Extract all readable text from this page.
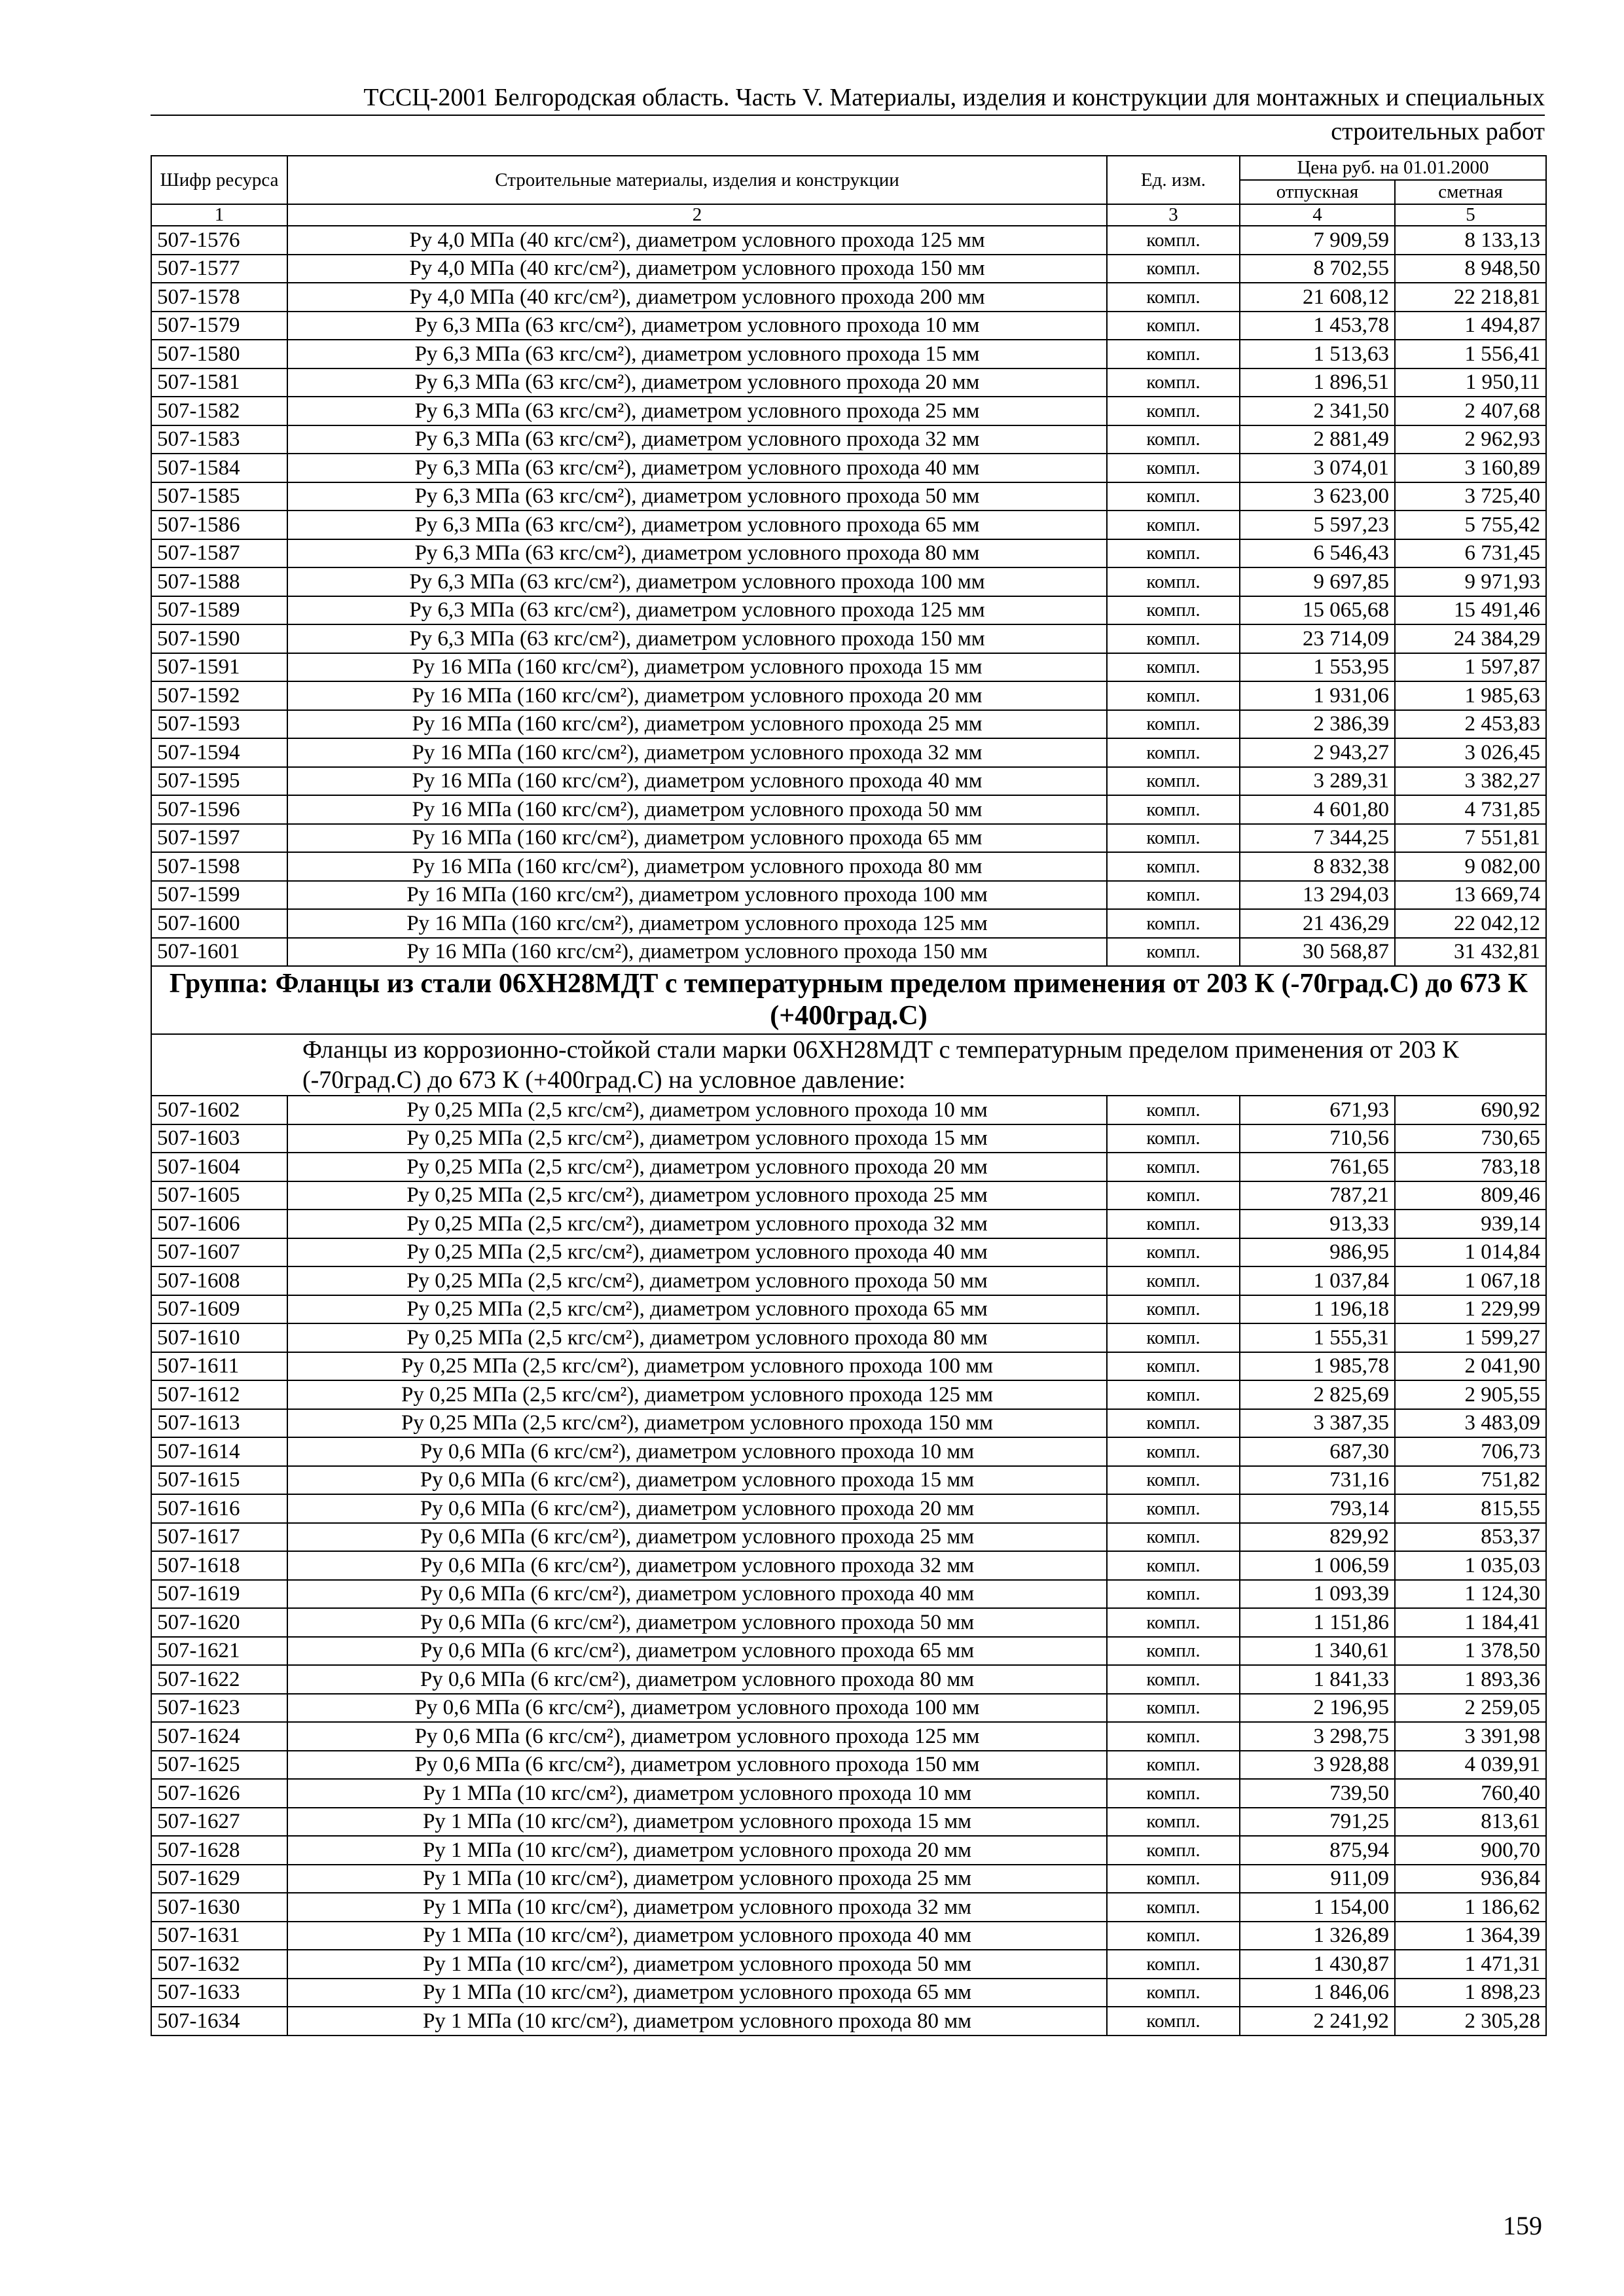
ТССЦ-2001 Белгородская область. Часть V. Материалы, изделия и конструкции для монтажных и специальных
строительных работ
Шифр ресурса	Строительные материалы, изделия и конструкции	Ед. изм.	Цена руб. на 01.01.2000	
			отпускная	сметная
1	2	3	4	5
507-1576	Ру 4,0 МПа (40 кгс/см²), диаметром условного прохода 125 мм	компл.	7 909,59	8 133,13
507-1577	Ру 4,0 МПа (40 кгс/см²), диаметром условного прохода 150 мм	компл.	8 702,55	8 948,50
507-1578	Ру 4,0 МПа (40 кгс/см²), диаметром условного прохода 200 мм	компл.	21 608,12	22 218,81
507-1579	Ру 6,3 МПа (63 кгс/см²), диаметром условного прохода 10 мм	компл.	1 453,78	1 494,87
507-1580	Ру 6,3 МПа (63 кгс/см²), диаметром условного прохода 15 мм	компл.	1 513,63	1 556,41
507-1581	Ру 6,3 МПа (63 кгс/см²), диаметром условного прохода 20 мм	компл.	1 896,51	1 950,11
507-1582	Ру 6,3 МПа (63 кгс/см²), диаметром условного прохода 25 мм	компл.	2 341,50	2 407,68
507-1583	Ру 6,3 МПа (63 кгс/см²), диаметром условного прохода 32 мм	компл.	2 881,49	2 962,93
507-1584	Ру 6,3 МПа (63 кгс/см²), диаметром условного прохода 40 мм	компл.	3 074,01	3 160,89
507-1585	Ру 6,3 МПа (63 кгс/см²), диаметром условного прохода 50 мм	компл.	3 623,00	3 725,40
507-1586	Ру 6,3 МПа (63 кгс/см²), диаметром условного прохода 65 мм	компл.	5 597,23	5 755,42
507-1587	Ру 6,3 МПа (63 кгс/см²), диаметром условного прохода 80 мм	компл.	6 546,43	6 731,45
507-1588	Ру 6,3 МПа (63 кгс/см²), диаметром условного прохода 100 мм	компл.	9 697,85	9 971,93
507-1589	Ру 6,3 МПа (63 кгс/см²), диаметром условного прохода 125 мм	компл.	15 065,68	15 491,46
507-1590	Ру 6,3 МПа (63 кгс/см²), диаметром условного прохода 150 мм	компл.	23 714,09	24 384,29
507-1591	Ру 16 МПа (160 кгс/см²), диаметром условного прохода 15 мм	компл.	1 553,95	1 597,87
507-1592	Ру 16 МПа (160 кгс/см²), диаметром условного прохода 20 мм	компл.	1 931,06	1 985,63
507-1593	Ру 16 МПа (160 кгс/см²), диаметром условного прохода 25 мм	компл.	2 386,39	2 453,83
507-1594	Ру 16 МПа (160 кгс/см²), диаметром условного прохода 32 мм	компл.	2 943,27	3 026,45
507-1595	Ру 16 МПа (160 кгс/см²), диаметром условного прохода 40 мм	компл.	3 289,31	3 382,27
507-1596	Ру 16 МПа (160 кгс/см²), диаметром условного прохода 50 мм	компл.	4 601,80	4 731,85
507-1597	Ру 16 МПа (160 кгс/см²), диаметром условного прохода 65 мм	компл.	7 344,25	7 551,81
507-1598	Ру 16 МПа (160 кгс/см²), диаметром условного прохода 80 мм	компл.	8 832,38	9 082,00
507-1599	Ру 16 МПа (160 кгс/см²), диаметром условного прохода 100 мм	компл.	13 294,03	13 669,74
507-1600	Ру 16 МПа (160 кгс/см²), диаметром условного прохода 125 мм	компл.	21 436,29	22 042,12
507-1601	Ру 16 МПа (160 кгс/см²), диаметром условного прохода 150 мм	компл.	30 568,87	31 432,81
Группа: Фланцы из стали 06ХН28МДТ с температурным пределом применения от 203 К (-70град.С) до 673 К (+400град.С)				
Фланцы из коррозионно-стойкой стали марки 06ХН28МДТ с температурным пределом применения от 203 К (-70град.С) до 673 К (+400град.С) на условное давление:				
507-1602	Ру 0,25 МПа (2,5 кгс/см²), диаметром условного прохода 10 мм	компл.	671,93	690,92
507-1603	Ру 0,25 МПа (2,5 кгс/см²), диаметром условного прохода 15 мм	компл.	710,56	730,65
507-1604	Ру 0,25 МПа (2,5 кгс/см²), диаметром условного прохода 20 мм	компл.	761,65	783,18
507-1605	Ру 0,25 МПа (2,5 кгс/см²), диаметром условного прохода 25 мм	компл.	787,21	809,46
507-1606	Ру 0,25 МПа (2,5 кгс/см²), диаметром условного прохода 32 мм	компл.	913,33	939,14
507-1607	Ру 0,25 МПа (2,5 кгс/см²), диаметром условного прохода 40 мм	компл.	986,95	1 014,84
507-1608	Ру 0,25 МПа (2,5 кгс/см²), диаметром условного прохода 50 мм	компл.	1 037,84	1 067,18
507-1609	Ру 0,25 МПа (2,5 кгс/см²), диаметром условного прохода 65 мм	компл.	1 196,18	1 229,99
507-1610	Ру 0,25 МПа (2,5 кгс/см²), диаметром условного прохода 80 мм	компл.	1 555,31	1 599,27
507-1611	Ру 0,25 МПа (2,5 кгс/см²), диаметром условного прохода 100 мм	компл.	1 985,78	2 041,90
507-1612	Ру 0,25 МПа (2,5 кгс/см²), диаметром условного прохода 125 мм	компл.	2 825,69	2 905,55
507-1613	Ру 0,25 МПа (2,5 кгс/см²), диаметром условного прохода 150 мм	компл.	3 387,35	3 483,09
507-1614	Ру 0,6 МПа (6 кгс/см²), диаметром условного прохода 10 мм	компл.	687,30	706,73
507-1615	Ру 0,6 МПа (6 кгс/см²), диаметром условного прохода 15 мм	компл.	731,16	751,82
507-1616	Ру 0,6 МПа (6 кгс/см²), диаметром условного прохода 20 мм	компл.	793,14	815,55
507-1617	Ру 0,6 МПа (6 кгс/см²), диаметром условного прохода 25 мм	компл.	829,92	853,37
507-1618	Ру 0,6 МПа (6 кгс/см²), диаметром условного прохода 32 мм	компл.	1 006,59	1 035,03
507-1619	Ру 0,6 МПа (6 кгс/см²), диаметром условного прохода 40 мм	компл.	1 093,39	1 124,30
507-1620	Ру 0,6 МПа (6 кгс/см²), диаметром условного прохода 50 мм	компл.	1 151,86	1 184,41
507-1621	Ру 0,6 МПа (6 кгс/см²), диаметром условного прохода 65 мм	компл.	1 340,61	1 378,50
507-1622	Ру 0,6 МПа (6 кгс/см²), диаметром условного прохода 80 мм	компл.	1 841,33	1 893,36
507-1623	Ру 0,6 МПа (6 кгс/см²), диаметром условного прохода 100 мм	компл.	2 196,95	2 259,05
507-1624	Ру 0,6 МПа (6 кгс/см²), диаметром условного прохода 125 мм	компл.	3 298,75	3 391,98
507-1625	Ру 0,6 МПа (6 кгс/см²), диаметром условного прохода 150 мм	компл.	3 928,88	4 039,91
507-1626	Ру 1 МПа (10 кгс/см²), диаметром условного прохода 10 мм	компл.	739,50	760,40
507-1627	Ру 1 МПа (10 кгс/см²), диаметром условного прохода 15 мм	компл.	791,25	813,61
507-1628	Ру 1 МПа (10 кгс/см²), диаметром условного прохода 20 мм	компл.	875,94	900,70
507-1629	Ру 1 МПа (10 кгс/см²), диаметром условного прохода 25 мм	компл.	911,09	936,84
507-1630	Ру 1 МПа (10 кгс/см²), диаметром условного прохода 32 мм	компл.	1 154,00	1 186,62
507-1631	Ру 1 МПа (10 кгс/см²), диаметром условного прохода 40 мм	компл.	1 326,89	1 364,39
507-1632	Ру 1 МПа (10 кгс/см²), диаметром условного прохода 50 мм	компл.	1 430,87	1 471,31
507-1633	Ру 1 МПа (10 кгс/см²), диаметром условного прохода 65 мм	компл.	1 846,06	1 898,23
507-1634	Ру 1 МПа (10 кгс/см²), диаметром условного прохода 80 мм	компл.	2 241,92	2 305,28
159
